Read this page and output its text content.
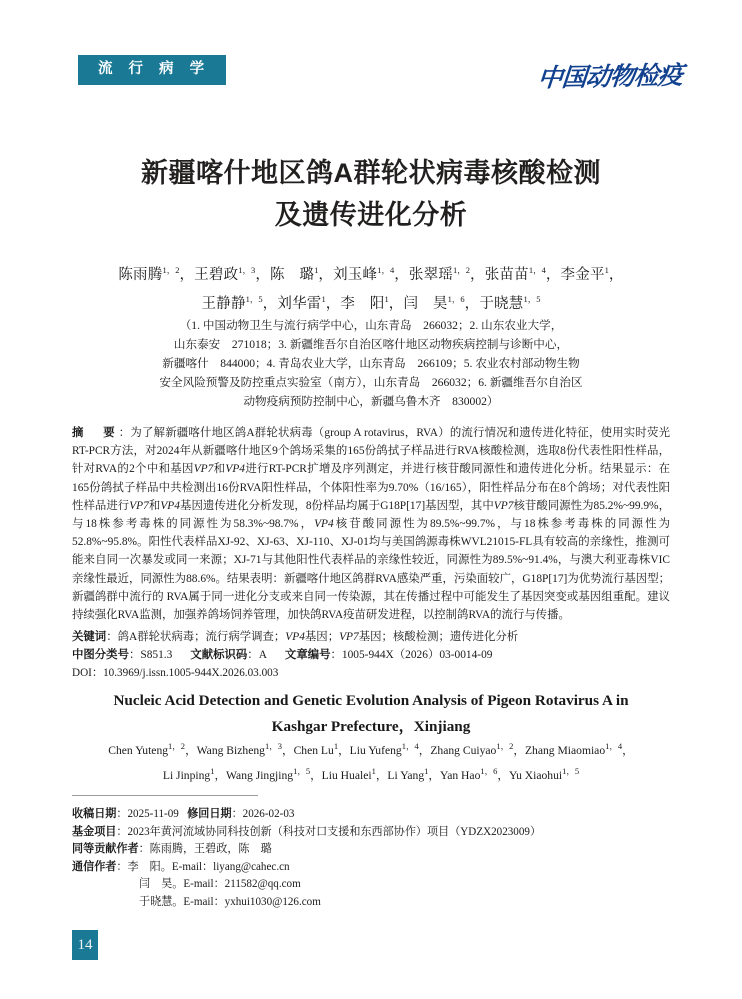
流 行 病 学	中国动物检疫
新疆喀什地区鸽A群轮状病毒核酸检测
及遗传进化分析
陈雨腾$^{1,2}$，王碧政$^{1,3}$，陈　璐$^1$，刘玉峰$^{1,4}$，张翠瑶$^{1,2}$，张苗苗$^{1,4}$，李金平$^1$，
王静静$^{1,5}$，刘华雷$^1$，李　阳$^1$，闫　昊$^{1,6}$，于晓慧$^{1,5}$
（1. 中国动物卫生与流行病学中心，山东青岛　266032；2. 山东农业大学，
山东泰安　271018；3. 新疆维吾尔自治区喀什地区动物疾病控制与诊断中心，
新疆喀什　844000；4. 青岛农业大学，山东青岛　266109；5. 农业农村部动物生物
安全风险预警及防控重点实验室（南方），山东青岛　266032；6. 新疆维吾尔自治区
动物疫病预防控制中心，新疆乌鲁木齐　830002）
摘　要：为了解新疆喀什地区鸽A群轮状病毒（group A rotavirus，RVA）的流行情况和遗传进化特征，使用实时荧光RT-PCR方法，对2024年从新疆喀什地区9个鸽场采集的165份鸽拭子样品进行RVA核酸检测，选取8份代表性阳性样品，针对RVA的2个中和基因VP7和VP4进行RT-PCR扩增及序列测定，并进行核苷酸同源性和遗传进化分析。结果显示：在165份鸽拭子样品中共检测出16份RVA阳性样品，个体阳性率为9.70%（16/165），阳性样品分布在8个鸽场；对代表性阳性样品进行VP7和VP4基因遗传进化分析发现，8份样品均属于G18P[17]基因型，其中VP7核苷酸同源性为85.2%~99.9%，与18株参考毒株的同源性为58.3%~98.7%，VP4核苷酸同源性为89.5%~99.7%，与18株参考毒株的同源性为52.8%~95.8%。阳性代表样品XJ-92、XJ-63、XJ-110、XJ-01均与美国鸽源毒株WVL21015-FL具有较高的亲缘性，推测可能来自同一次暴发或同一来源；XJ-71与其他阳性代表样品的亲缘性较近，同源性为89.5%~91.4%，与澳大利亚毒株VIC亲缘性最近，同源性为88.6%。结果表明：新疆喀什地区鸽群RVA感染严重，污染面较广，G18P[17]为优势流行基因型；新疆鸽群中流行的 RVA属于同一进化分支或来自同一传染源，其在传播过程中可能发生了基因突变或基因组重配。建议持续强化RVA监测，加强养鸽场饲养管理，加快鸽RVA疫苗研发进程，以控制鸽RVA的流行与传播。
关键词：鸽A群轮状病毒；流行病学调查；VP4基因；VP7基因；核酸检测；遗传进化分析
中图分类号：S851.3 文献标识码：A 文章编号：1005-944X（2026）03-0014-09
DOI：10.3969/j.issn.1005-944X.2026.03.003
Nucleic Acid Detection and Genetic Evolution Analysis of Pigeon Rotavirus A in
Kashgar Prefecture，Xinjiang
Chen Yuteng$^{1,2}$，Wang Bizheng$^{1,3}$，Chen Lu$^1$，Liu Yufeng$^{1,4}$，Zhang Cuiyao$^{1,2}$，Zhang Miaomiao$^{1,4}$，
Li Jinping$^1$，Wang Jingjing$^{1,5}$，Liu Hualei$^1$，Li Yang$^1$，Yan Hao$^{1,6}$，Yu Xiaohui$^{1,5}$
收稿日期：2025-11-09 修回日期：2026-02-03
基金项目：2023年黄河流域协同科技创新（科技对口支援和东西部协作）项目（YDZX2023009）
同等贡献作者：陈雨腾，王碧政，陈　璐
通信作者：李　阳。E-mail：liyang@cahec.cn
闫　昊。E-mail：211582@qq.com
于晓慧。E-mail：yxhui1030@126.com
14
